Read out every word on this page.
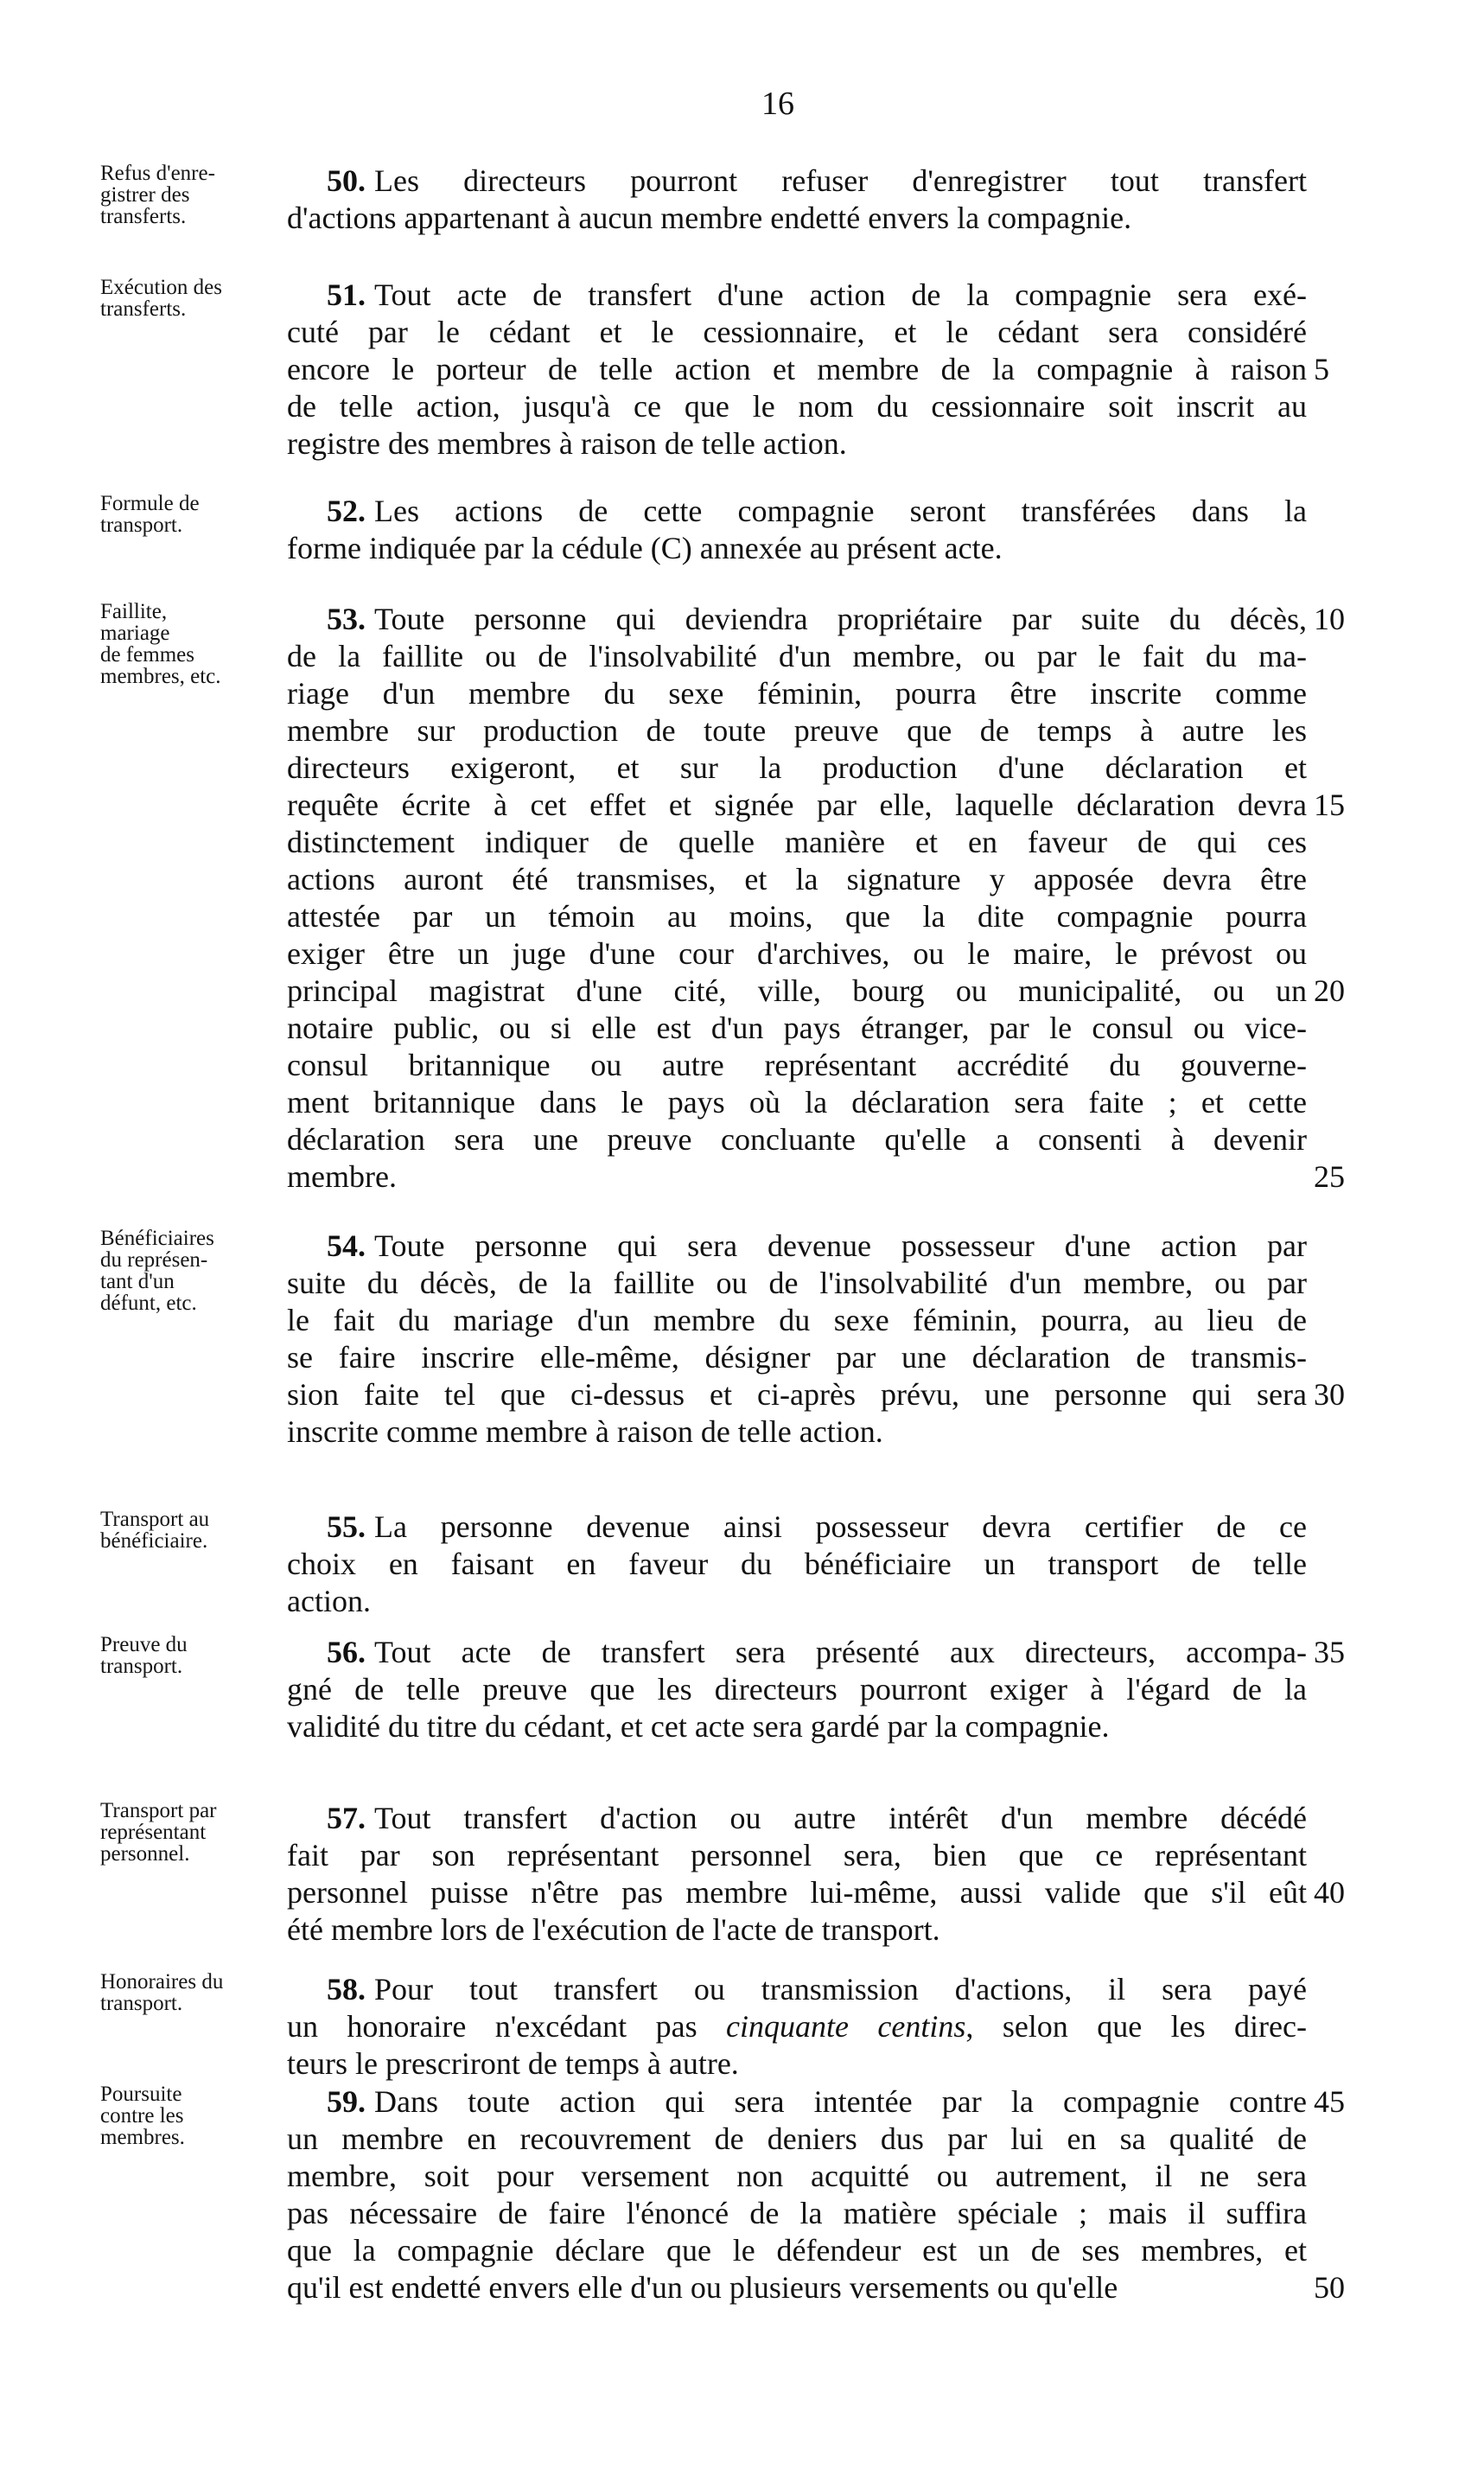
16
Refus d'enre-
gistrer des
transferts.
50. Les directeurs pourront refuser d'enregistrer tout transfert
d'actions appartenant à aucun membre endetté envers la compagnie.
Exécution des
transferts.	51. Tout acte de transfert d'une action de la compagnie sera exé-
cuté par le cédant et le cessionnaire, et le cédant sera considéré
encore le porteur de telle action et membre de la compagnie à raison
de telle action, jusqu'à ce que le nom du cessionnaire soit inscrit au
registre des membres à raison de telle action.
5
Formule de
transport.	52. Les actions de cette compagnie seront transférées dans la
forme indiquée par la cédule (C) annexée au présent acte.
Faillite,
mariage
de femmes
membres, etc.
53. Toute personne qui deviendra propriétaire par suite du décès,
de la faillite ou de l'insolvabilité d'un membre, ou par le fait du ma-
riage d'un membre du sexe féminin, pourra être inscrite comme
membre sur production de toute preuve que de temps à autre les
directeurs exigeront, et sur la production d'une déclaration et
requête écrite à cet effet et signée par elle, laquelle déclaration devra
distinctement indiquer de quelle manière et en faveur de qui ces
actions auront été transmises, et la signature y apposée devra être
attestée par un témoin au moins, que la dite compagnie pourra
exiger être un juge d'une cour d'archives, ou le maire, le prévost ou
principal magistrat d'une cité, ville, bourg ou municipalité, ou un
notaire public, ou si elle est d'un pays étranger, par le consul ou vice-
consul britannique ou autre représentant accrédité du gouverne-
ment britannique dans le pays où la déclaration sera faite ; et cette
déclaration sera une preuve concluante qu'elle a consenti à devenir
membre.
10
15
20
25
Bénéficiaires
du représen-
tant d'un
défunt, etc.
54. Toute personne qui sera devenue possesseur d'une action par
suite du décès, de la faillite ou de l'insolvabilité d'un membre, ou par
le fait du mariage d'un membre du sexe féminin, pourra, au lieu de
se faire inscrire elle-même, désigner par une déclaration de transmis-
sion faite tel que ci-dessus et ci-après prévu, une personne qui sera
inscrite comme membre à raison de telle action.
30
Transport au
bénéficiaire.	55. La personne devenue ainsi possesseur devra certifier de ce
choix en faisant en faveur du bénéficiaire un transport de telle
action.
Preuve du
transport.	56. Tout acte de transfert sera présenté aux directeurs, accompa-
gné de telle preuve que les directeurs pourront exiger à l'égard de la
validité du titre du cédant, et cet acte sera gardé par la compagnie.
35
Transport par
représentant
personnel.
57. Tout transfert d'action ou autre intérêt d'un membre décédé
fait par son représentant personnel sera, bien que ce représentant
personnel puisse n'être pas membre lui-même, aussi valide que s'il eût
été membre lors de l'exécution de l'acte de transport.
40
Honoraires du
transport.	58. Pour tout transfert ou transmission d'actions, il sera payé
un honoraire n'excédant pas cinquante centins, selon que les direc-
teurs le prescriront de temps à autre.
Poursuite
contre les
membres.
59. Dans toute action qui sera intentée par la compagnie contre
un membre en recouvrement de deniers dus par lui en sa qualité de
membre, soit pour versement non acquitté ou autrement, il ne sera
pas nécessaire de faire l'énoncé de la matière spéciale ; mais il suffira
que la compagnie déclare que le défendeur est un de ses membres, et
qu'il est endetté envers elle d'un ou plusieurs versements ou qu'elle
45
50
